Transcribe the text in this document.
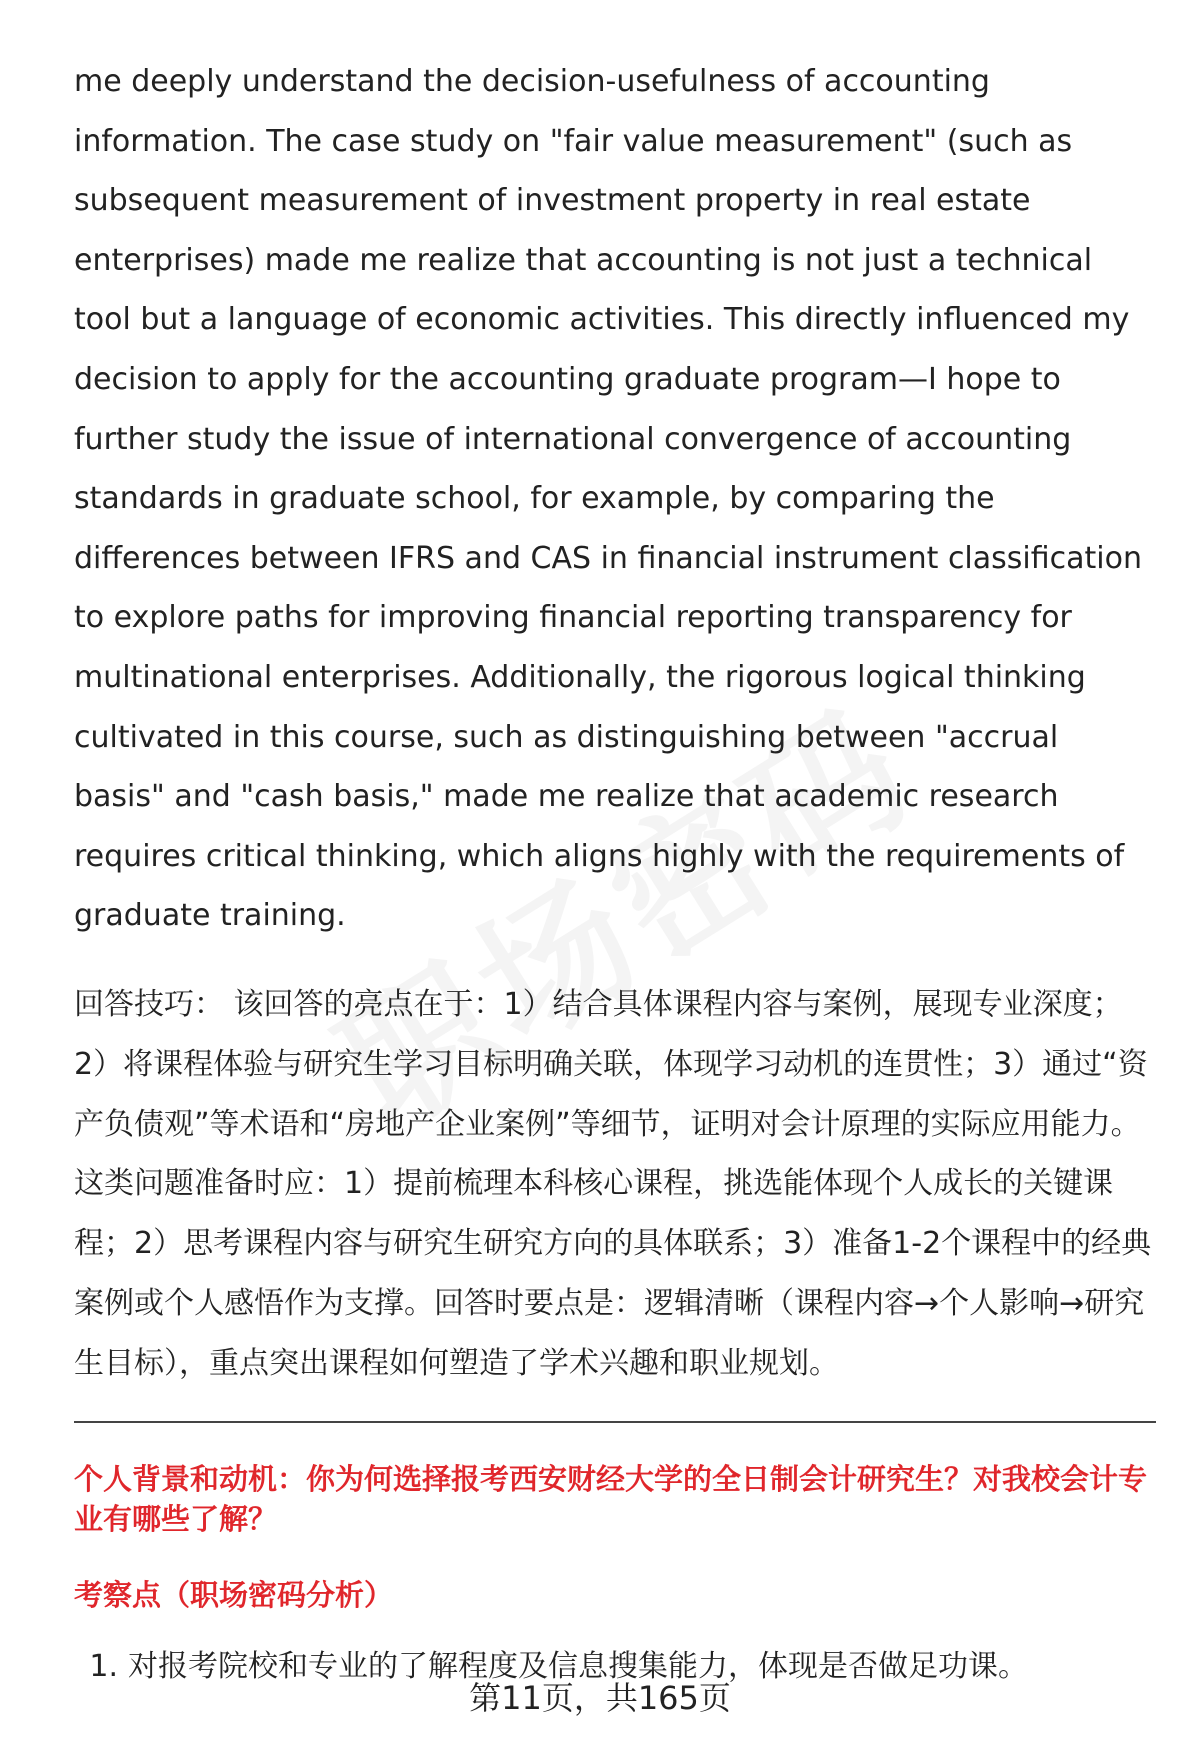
me deeply understand the decision-usefulness of accounting information. The case study on "fair value measurement" (such as subsequent measurement of investment property in real estate enterprises) made me realize that accounting is not just a technical tool but a language of economic activities. This directly influenced my decision to apply for the accounting graduate program—I hope to further study the issue of international convergence of accounting standards in graduate school, for example, by comparing the differences between IFRS and CAS in financial instrument classification to explore paths for improving financial reporting transparency for multinational enterprises. Additionally, the rigorous logical thinking cultivated in this course, such as distinguishing between "accrual basis" and "cash basis," made me realize that academic research requires critical thinking, which aligns highly with the requirements of graduate training.

回答技巧： 该回答的亮点在于：1）结合具体课程内容与案例，展现专业深度；2）将课程体验与研究生学习目标明确关联，体现学习动机的连贯性；3）通过“资产负债观”等术语和“房地产企业案例”等细节，证明对会计原理的实际应用能力。这类问题准备时应：1）提前梳理本科核心课程，挑选能体现个人成长的关键课程；2）思考课程内容与研究生研究方向的具体联系；3）准备1-2个课程中的经典案例或个人感悟作为支撑。回答时要点是：逻辑清晰（课程内容→个人影响→研究生目标），重点突出课程如何塑造了学术兴趣和职业规划。

个人背景和动机：你为何选择报考西安财经大学的全日制会计研究生？对我校会计专业有哪些了解？
考察点（职场密码分析）
1. 对报考院校和专业的了解程度及信息搜集能力，体现是否做足功课。
第11页，共165页
